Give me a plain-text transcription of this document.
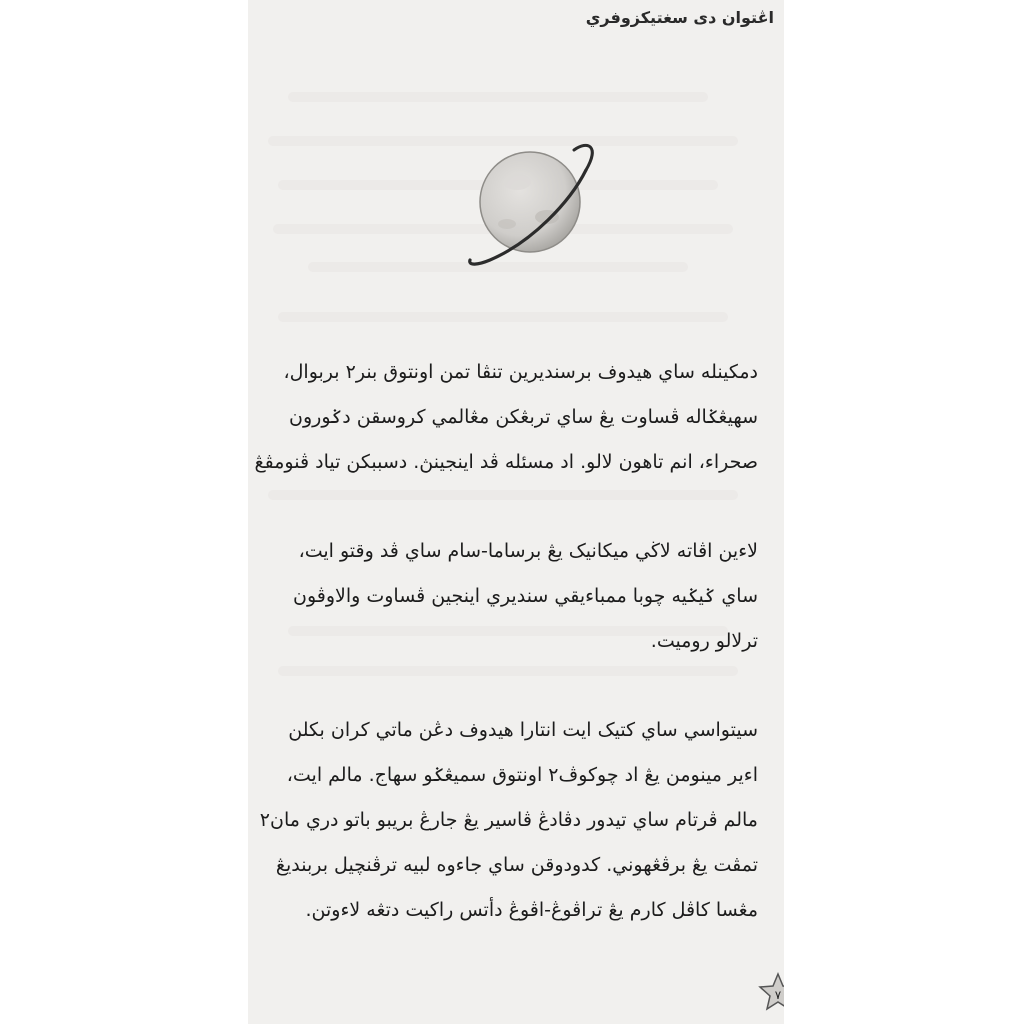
اڠتوان دی سغتيکزوفري

دمکينله ساي هيدوف برسنديرين تنڤا تمن اونتوق بنر٢ بربوال،
سهيڠݢاله ڤساوت يڠ ساي تربڠکن مڠالمي کروسقن دݢورون
صحراء، انم تاهون لالو. اد مسئله ڤد اينجينڽ. دسببکن تياد ڤنومڤڠ

لاءين اڤاته لاڬي ميکانيک يڠ برساما-سام ساي ڤد وقتو ايت،
ساي ݢيݢيه چوبا ممباءيقي سنديري اينجين ڤساوت والاوڤون
ترلالو روميت.

سيتواسي ساي کتيک ايت انتارا هيدوف دڠن ماتي کران بکلن
اءير مينومن يڠ اد چوکوڤ٢ اونتوق سميڠݢو سهاج. مالم ايت،
مالم ڤرتام ساي تيدور دڤادڠ ڤاسير يڠ جارڠ بريبو باتو دري مان٢
تمڤت يڠ برڤڠهوني. کدودوقن ساي جاءوه لبيه ترڤنچيل بربنديڠ
مڠسا کاڤل کارم يڠ تراڤوڠ-اڤوڠ دأتس راکيت دتڠه لاءوتن.

٧
